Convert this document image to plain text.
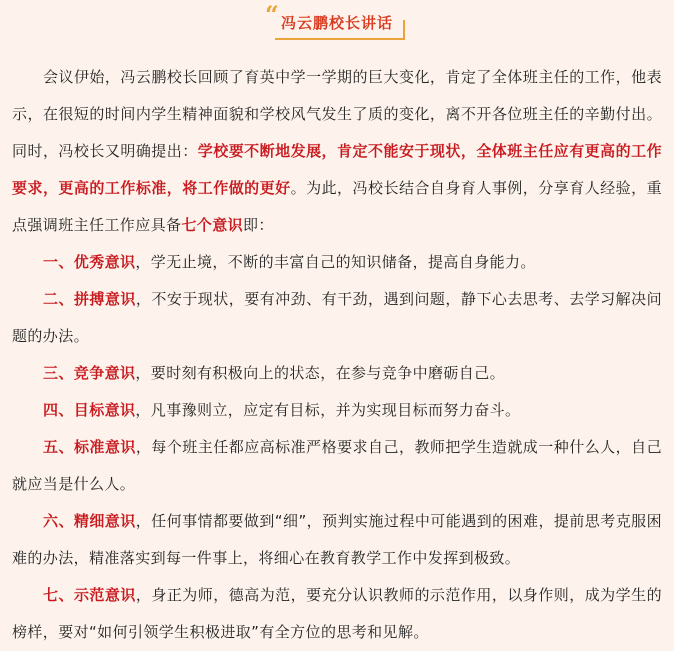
“ 冯云鹏校长讲话

会议伊始，冯云鹏校长回顾了育英中学一学期的巨大变化，肯定了全体班主任的工作，他表示，在很短的时间内学生精神面貌和学校风气发生了质的变化，离不开各位班主任的辛勤付出。同时，冯校长又明确提出：学校要不断地发展，肯定不能安于现状，全体班主任应有更高的工作要求，更高的工作标准，将工作做的更好。为此，冯校长结合自身育人事例，分享育人经验，重点强调班主任工作应具备七个意识即：

一、优秀意识，学无止境，不断的丰富自己的知识储备，提高自身能力。

二、拼搏意识，不安于现状，要有冲劲、有干劲，遇到问题，静下心去思考、去学习解决问题的办法。

三、竞争意识，要时刻有积极向上的状态，在参与竞争中磨砺自己。

四、目标意识，凡事豫则立，应定有目标，并为实现目标而努力奋斗。

五、标准意识，每个班主任都应高标准严格要求自己，教师把学生造就成一种什么人，自己就应当是什么人。

六、精细意识，任何事情都要做到“细”，预判实施过程中可能遇到的困难，提前思考克服困难的办法，精准落实到每一件事上，将细心在教育教学工作中发挥到极致。

七、示范意识，身正为师，德高为范，要充分认识教师的示范作用，以身作则，成为学生的榜样，要对“如何引领学生积极进取”有全方位的思考和见解。
